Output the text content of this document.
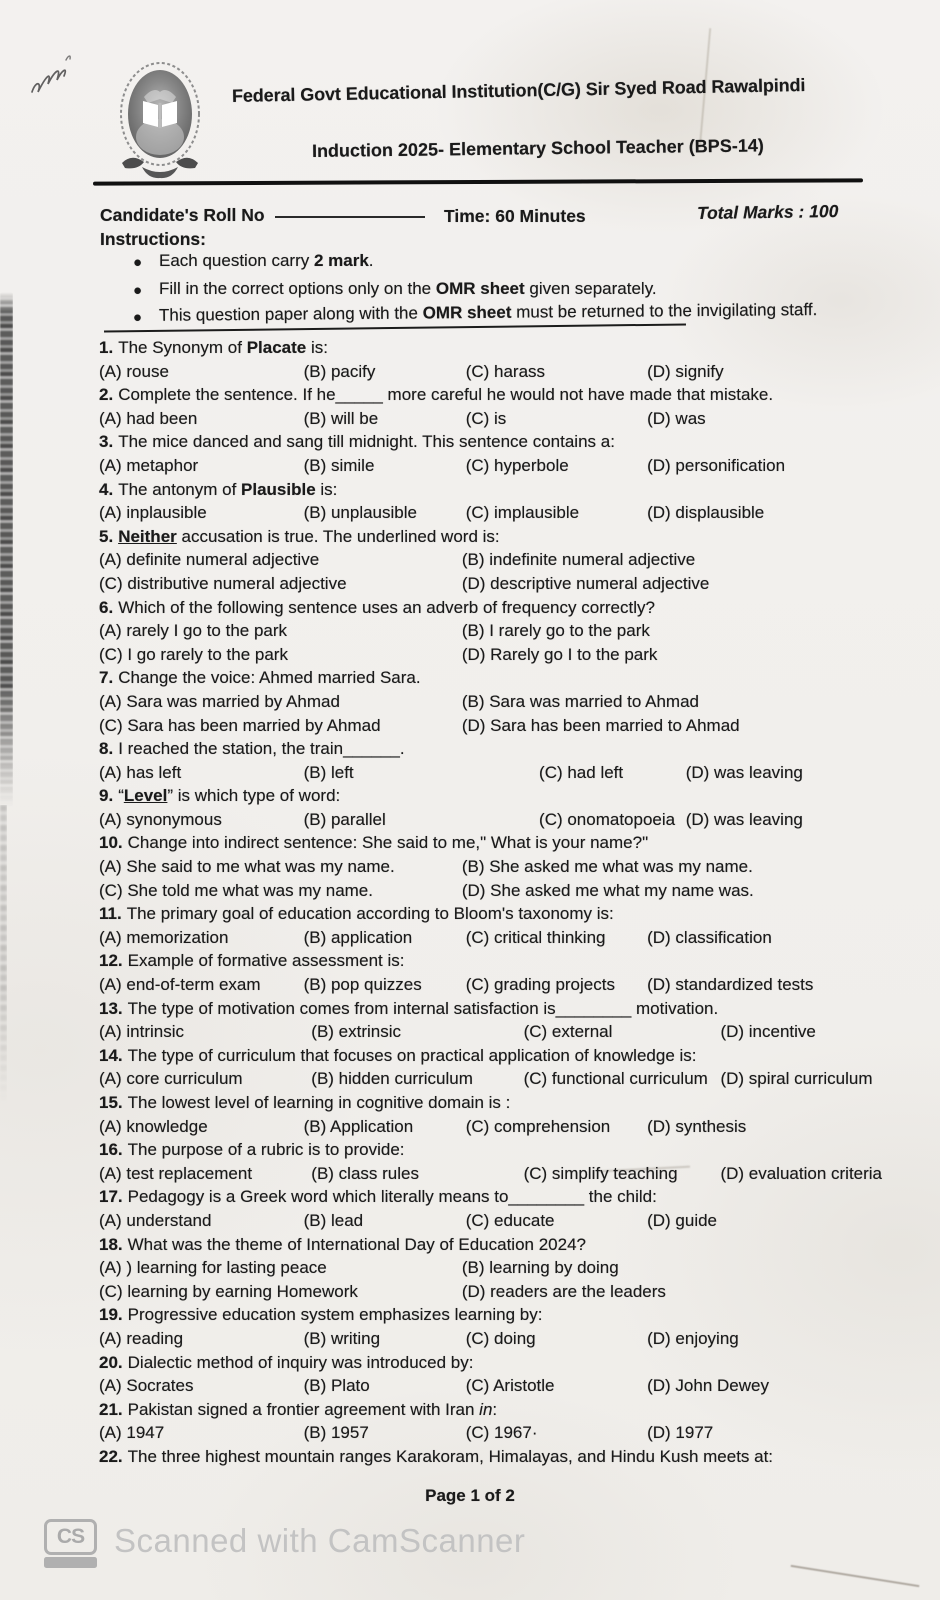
Federal Govt Educational Institution(C/G) Sir Syed Road Rawalpindi
Induction 2025- Elementary School Teacher (BPS-14)
Candidate's Roll No	Time: 60 Minutes	Total Marks : 100
Instructions:
● Each question carry 2 mark.
● Fill in the correct options only on the OMR sheet given separately.
● This question paper along with the OMR sheet must be returned to the invigilating staff.
1. The Synonym of Placate is:
(A) rouse	(B) pacify	(C) harass	(D) signify
2. Complete the sentence. If he_____ more careful he would not have made that mistake.
(A) had been	(B) will be	(C) is	(D) was
3. The mice danced and sang till midnight. This sentence contains a:
(A) metaphor	(B) simile	(C) hyperbole	(D) personification
4. The antonym of Plausible is:
(A) inplausible	(B) unplausible	(C) implausible	(D) displausible
5. Neither accusation is true. The underlined word is:
(A) definite numeral adjective	(B) indefinite numeral adjective
(C) distributive numeral adjective	(D) descriptive numeral adjective
6. Which of the following sentence uses an adverb of frequency correctly?
(A) rarely I go to the park	(B) I rarely go to the park
(C) I go rarely to the park	(D) Rarely go I to the park
7. Change the voice: Ahmed married Sara.
(A) Sara was married by Ahmad	(B) Sara was married to Ahmad
(C) Sara has been married by Ahmad	(D) Sara has been married to Ahmad
8. I reached the station, the train______.
(A) has left	(B) left	(C) had left	(D) was leaving
9. “Level” is which type of word:
(A) synonymous	(B) parallel	(C) onomatopoeia (D) was leaving
10. Change into indirect sentence: She said to me," What is your name?"
(A) She said to me what was my name.	(B) She asked me what was my name.
(C) She told me what was my name.	(D) She asked me what my name was.
11. The primary goal of education according to Bloom's taxonomy is:
(A) memorization	(B) application	(C) critical thinking	(D) classification
12. Example of formative assessment is:
(A) end-of-term exam	(B) pop quizzes	(C) grading projects	(D) standardized tests
13. The type of motivation comes from internal satisfaction is________ motivation.
(A) intrinsic	(B) extrinsic	(C) external	(D) incentive
14. The type of curriculum that focuses on practical application of knowledge is:
(A) core curriculum	(B) hidden curriculum	(C) functional curriculum (D) spiral curriculum
15. The lowest level of learning in cognitive domain is :
(A) knowledge	(B) Application	(C) comprehension	(D) synthesis
16. The purpose of a rubric is to provide:
(A) test replacement	(B) class rules	(C) simplify teaching	(D) evaluation criteria
17. Pedagogy is a Greek word which literally means to________ the child:
(A) understand	(B) lead	(C) educate	(D) guide
18. What was the theme of International Day of Education 2024?
(A) ) learning for lasting peace	(B) learning by doing
(C) learning by earning Homework	(D) readers are the leaders
19. Progressive education system emphasizes learning by:
(A) reading	(B) writing	(C) doing	(D) enjoying
20. Dialectic method of inquiry was introduced by:
(A) Socrates	(B) Plato	(C) Aristotle	(D) John Dewey
21. Pakistan signed a frontier agreement with Iran in:
(A) 1947	(B) 1957	(C) 1967·	(D) 1977
22. The three highest mountain ranges Karakoram, Himalayas, and Hindu Kush meets at:
Page 1 of 2
CS Scanned with CamScanner
